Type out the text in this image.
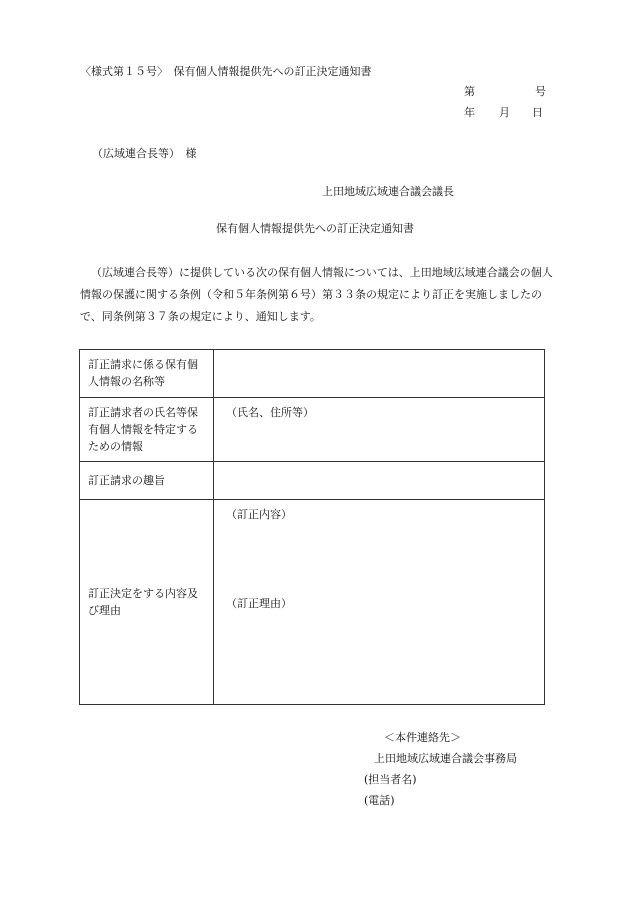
〈様式第１５号〉　保有個人情報提供先への訂正決定通知書
第	号
年 月 日
（広域連合長等）　様
上田地域広域連合議会議長
保有個人情報提供先への訂正決定通知書
（広域連合長等）に提供している次の保有個人情報については、上田地域広域連合議会の個人情報の保護に関する条例（令和５年条例第６号）第３３条の規定により訂正を実施しましたので、同条例第３７条の規定により、通知します。
訂正請求に係る保有個人情報の名称等	
訂正請求者の氏名等保有個人情報を特定するための情報	（氏名、住所等）
訂正請求の趣旨	
訂正決定をする内容及び理由	（訂正内容）
（訂正理由）
＜本件連絡先＞
上田地域広域連合議会事務局
(担当者名)
(電話)
